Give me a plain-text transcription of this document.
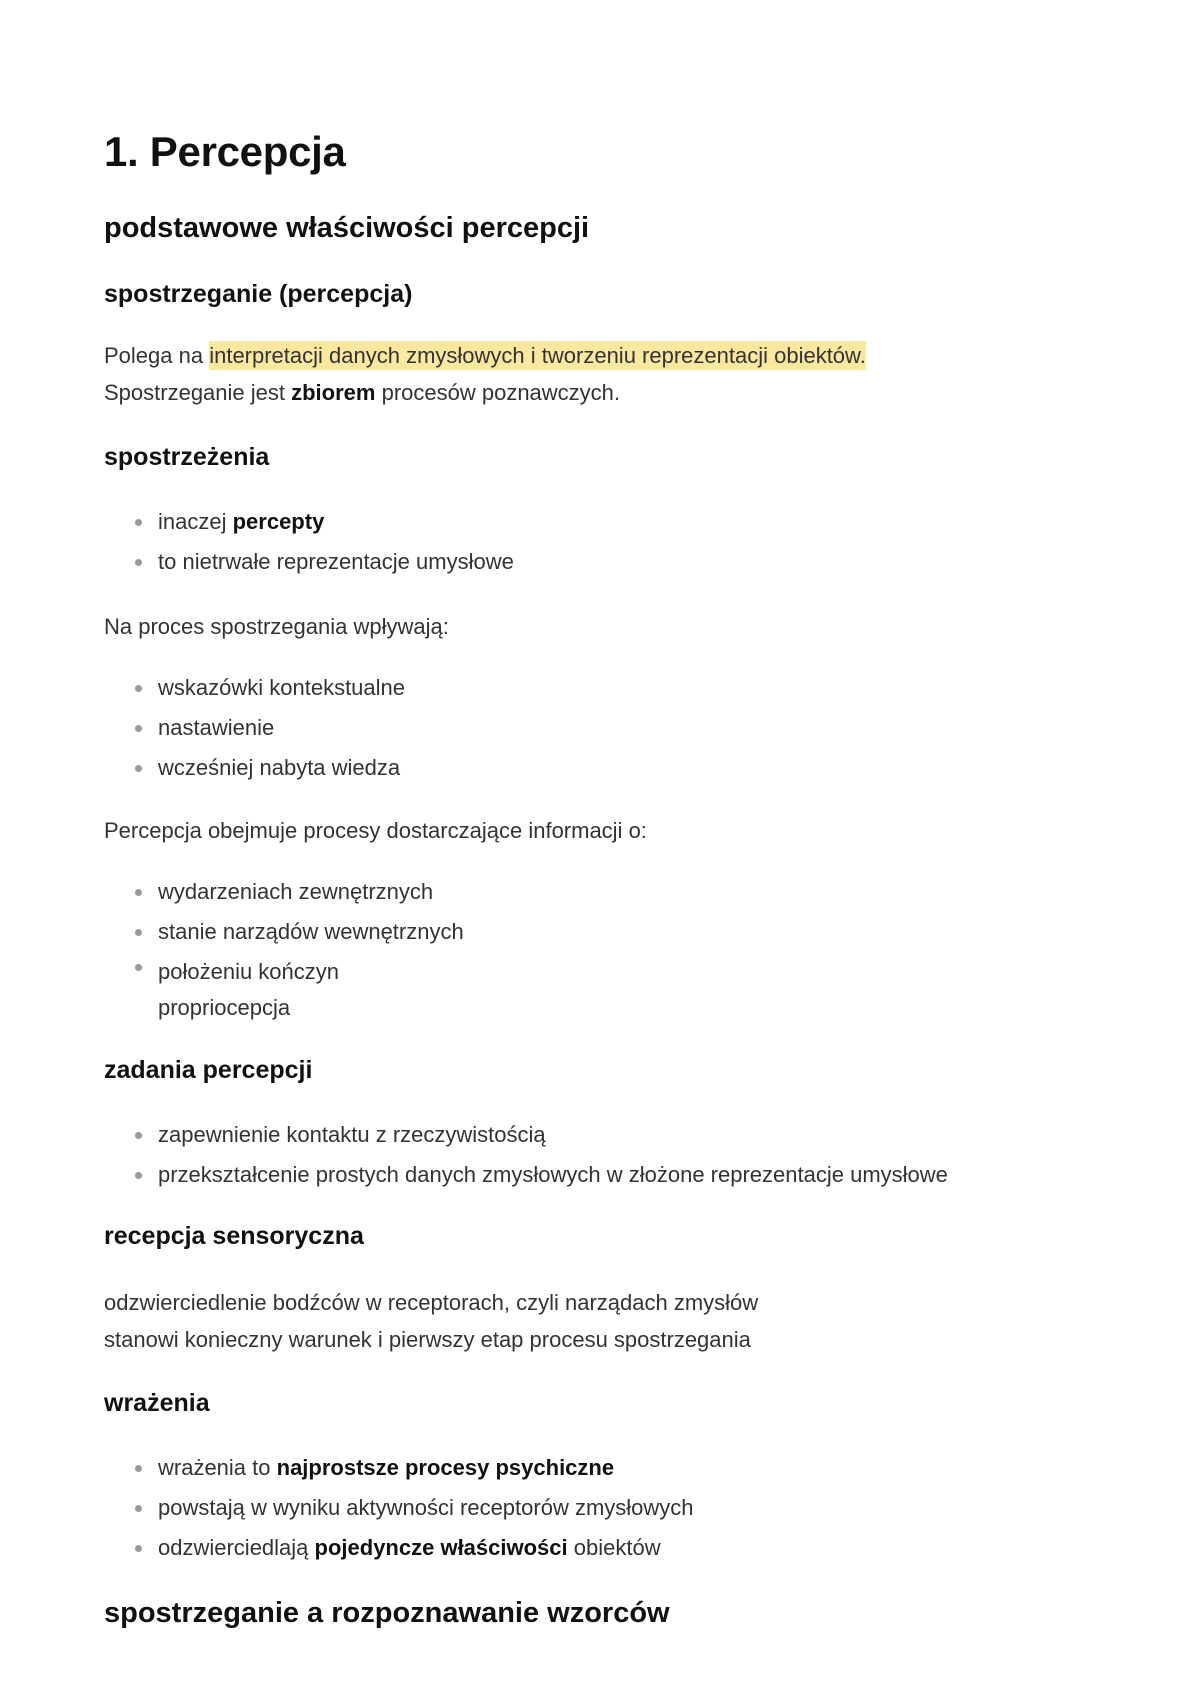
1. Percepcja
podstawowe właściwości percepcji
spostrzeganie (percepcja)

Polega na interpretacji danych zmysłowych i tworzeniu reprezentacji obiektów.

Spostrzeganie jest zbiorem procesów poznawczych.

spostrzeżenia
inaczej percepty
to nietrwałe reprezentacje umysłowe

Na proces spostrzegania wpływają:

wskazówki kontekstualne
nastawienie
wcześniej nabyta wiedza

Percepcja obejmuje procesy dostarczające informacji o:

wydarzeniach zewnętrznych
stanie narządów wewnętrznych
położeniu kończyn
propriocepcja
zadania percepcji
zapewnienie kontaktu z rzeczywistością
przekształcenie prostych danych zmysłowych w złożone reprezentacje umysłowe
recepcja sensoryczna

odzwierciedlenie bodźców w receptorach, czyli narządach zmysłów

stanowi konieczny warunek i pierwszy etap procesu spostrzegania

wrażenia
wrażenia to najprostsze procesy psychiczne
powstają w wyniku aktywności receptorów zmysłowych
odzwierciedlają pojedyncze właściwości obiektów
spostrzeganie a rozpoznawanie wzorców
